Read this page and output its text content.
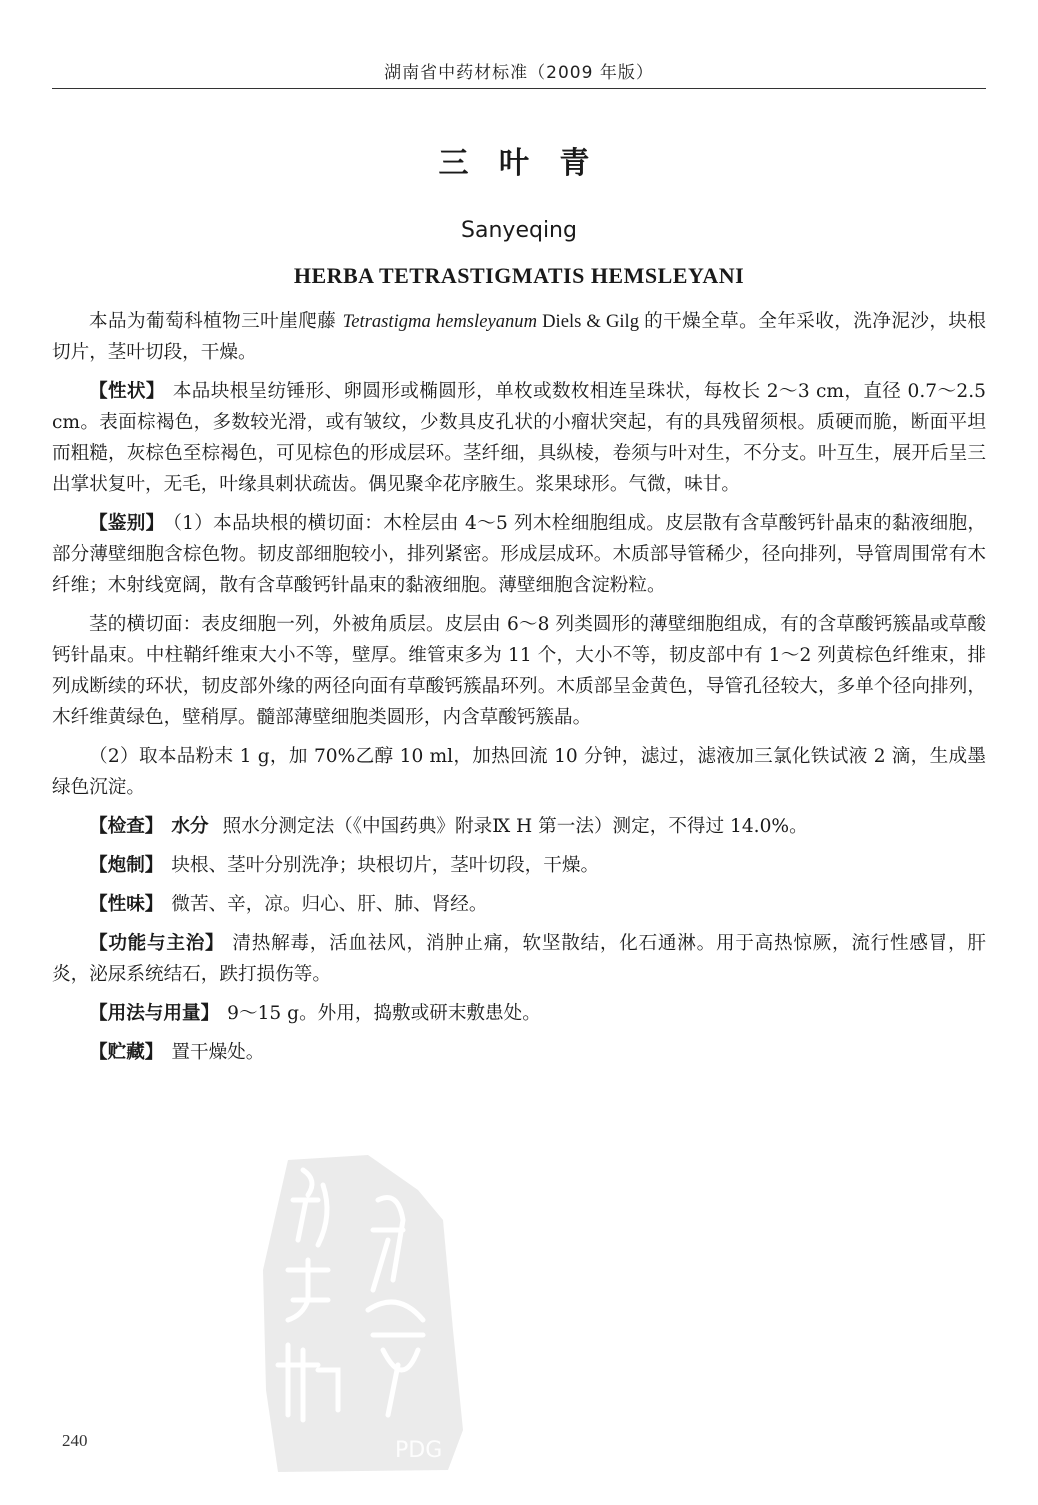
湖南省中药材标准（2009 年版）
三 叶 青
Sanyeqing
HERBA TETRASTIGMATIS HEMSLEYANI
PDG

本品为葡萄科植物三叶崖爬藤 Tetrastigma hemsleyanum Diels & Gilg 的干燥全草。全年采收，洗净泥沙，块根切片，茎叶切段，干燥。

【性状】 本品块根呈纺锤形、卵圆形或椭圆形，单枚或数枚相连呈珠状，每枚长 2～3 cm，直径 0.7～2.5 cm。表面棕褐色，多数较光滑，或有皱纹，少数具皮孔状的小瘤状突起，有的具残留须根。质硬而脆，断面平坦而粗糙，灰棕色至棕褐色，可见棕色的形成层环。茎纤细，具纵棱，卷须与叶对生，不分支。叶互生，展开后呈三出掌状复叶，无毛，叶缘具刺状疏齿。偶见聚伞花序腋生。浆果球形。气微，味甘。

【鉴别】 （1）本品块根的横切面：木栓层由 4～5 列木栓细胞组成。皮层散有含草酸钙针晶束的黏液细胞，部分薄壁细胞含棕色物。韧皮部细胞较小，排列紧密。形成层成环。木质部导管稀少，径向排列，导管周围常有木纤维；木射线宽阔，散有含草酸钙针晶束的黏液细胞。薄壁细胞含淀粉粒。

茎的横切面：表皮细胞一列，外被角质层。皮层由 6～8 列类圆形的薄壁细胞组成，有的含草酸钙簇晶或草酸钙针晶束。中柱鞘纤维束大小不等，壁厚。维管束多为 11 个，大小不等，韧皮部中有 1～2 列黄棕色纤维束，排列成断续的环状，韧皮部外缘的两径向面有草酸钙簇晶环列。木质部呈金黄色，导管孔径较大，多单个径向排列，木纤维黄绿色，壁稍厚。髓部薄壁细胞类圆形，内含草酸钙簇晶。

（2）取本品粉末 1 g，加 70%乙醇 10 ml，加热回流 10 分钟，滤过，滤液加三氯化铁试液 2 滴，生成墨绿色沉淀。

【检查】 水分 照水分测定法（《中国药典》附录Ⅸ H 第一法）测定，不得过 14.0%。

【炮制】 块根、茎叶分别洗净；块根切片，茎叶切段，干燥。

【性味】 微苦、辛，凉。归心、肝、肺、肾经。

【功能与主治】 清热解毒，活血祛风，消肿止痛，软坚散结，化石通淋。用于高热惊厥，流行性感冒，肝炎，泌尿系统结石，跌打损伤等。

【用法与用量】 9～15 g。外用，捣敷或研末敷患处。

【贮藏】 置干燥处。

240
